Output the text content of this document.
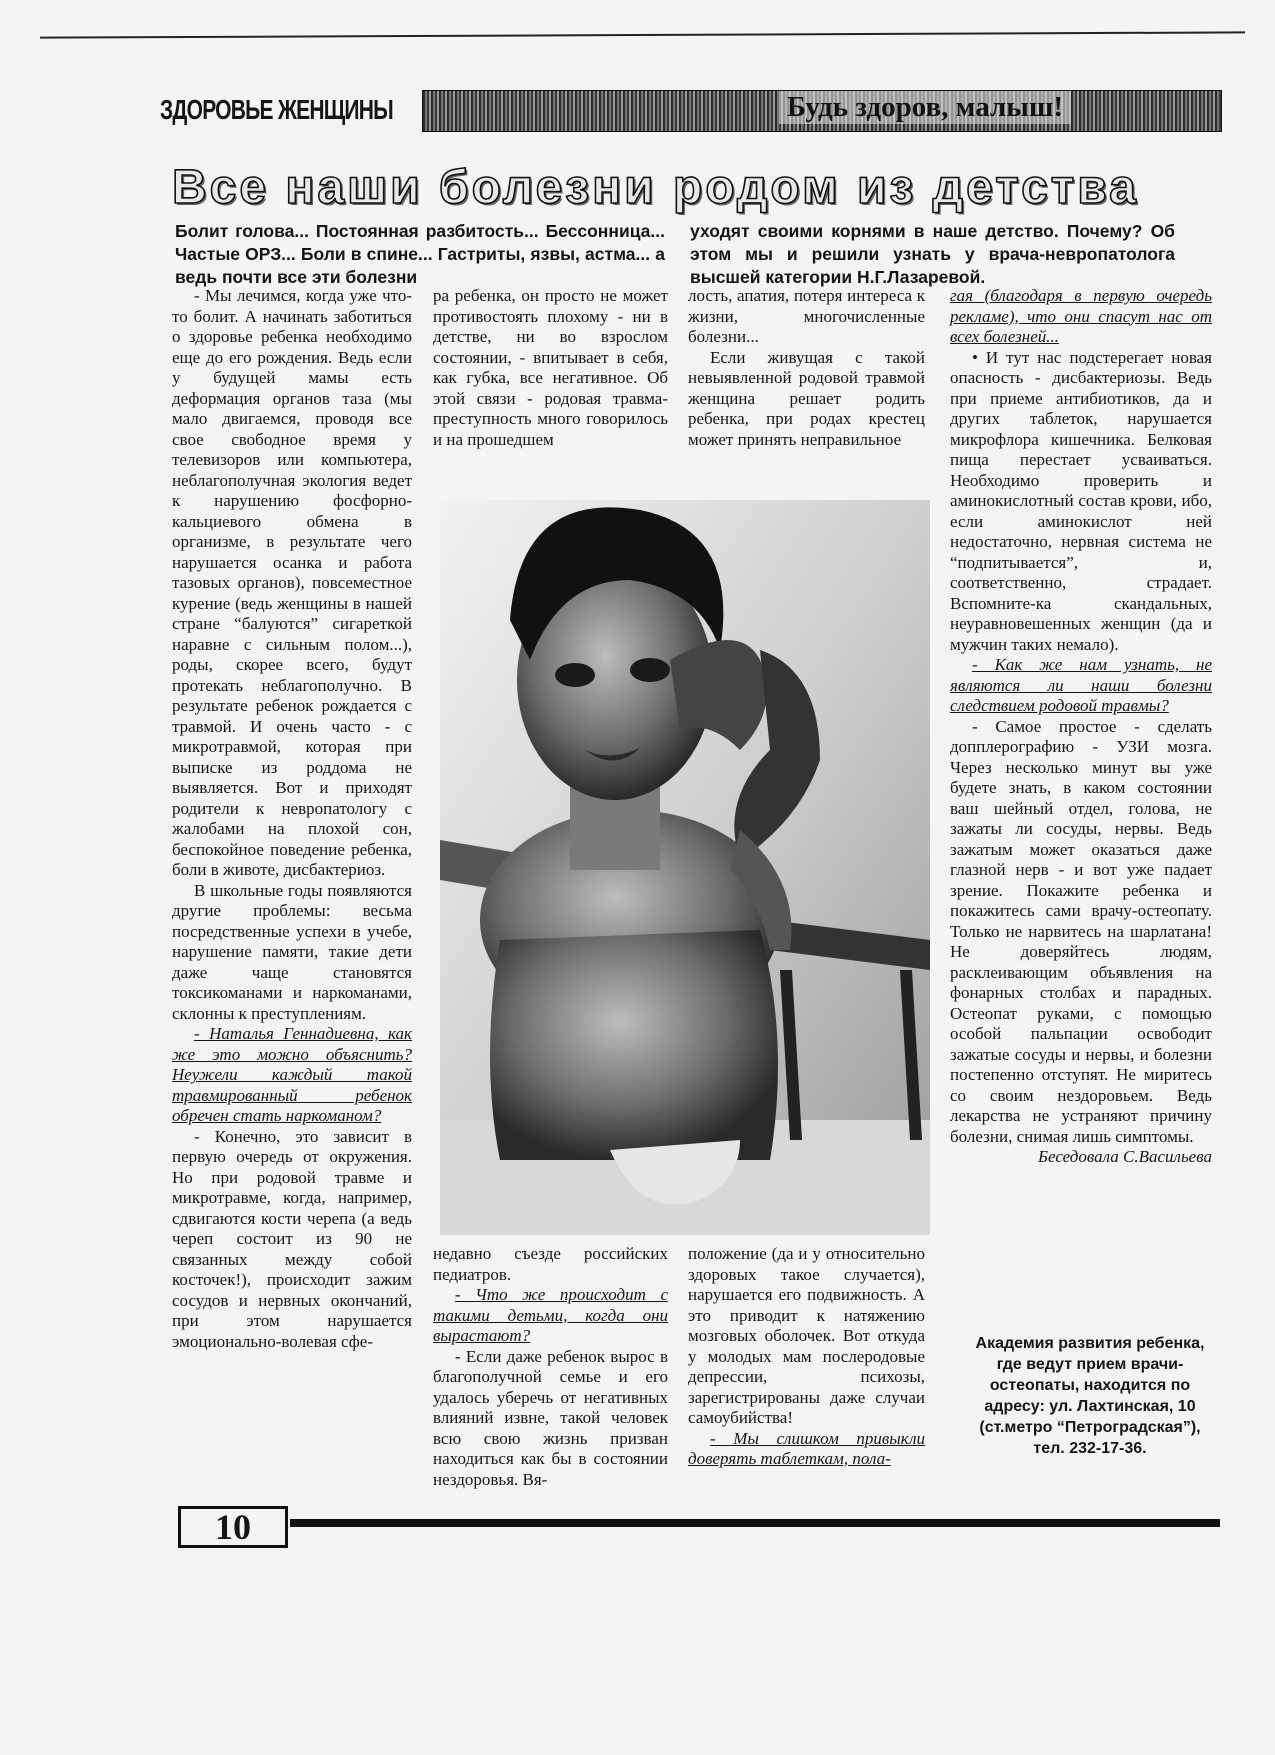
ЗДОРОВЬЕ ЖЕНЩИНЫ	Будь здоров, малыш!
Все наши болезни родом из детства
Болит голова... Постоянная разбитость... Бессонница... Частые ОРЗ... Боли в спине... Гастриты, язвы, астма... а ведь почти все эти болезни
уходят своими корнями в наше детство. Почему? Об этом мы и решили узнать у врача-невропатолога высшей категории Н.Г.Лазаревой.

- Мы лечимся, когда уже что-то болит. А начинать заботиться о здоровье ребенка необходимо еще до его рождения. Ведь если у будущей мамы есть деформация органов таза (мы мало двигаемся, проводя все свое свободное время у телевизоров или компьютера, неблагополучная экология ведет к нарушению фосфорно-кальциевого обмена в организме, в результате чего нарушается осанка и работа тазовых органов), повсеместное курение (ведь женщины в нашей стране “балуются” сигареткой наравне с сильным полом...), роды, скорее всего, будут протекать неблагополучно. В результате ребенок рождается с травмой. И очень часто - с микротравмой, которая при выписке из роддома не выявляется. Вот и приходят родители к невропатологу с жалобами на плохой сон, беспокойное поведение ребенка, боли в животе, дисбактериоз.

В школьные годы появляются другие проблемы: весьма посредственные успехи в учебе, нарушение памяти, такие дети даже чаще становятся токсикоманами и наркоманами, склонны к преступлениям.

- Наталья Геннадиевна, как же это можно объяснить? Неужели каждый такой травмированный ребенок обречен стать наркоманом?

- Конечно, это зависит в первую очередь от окружения. Но при родовой травме и микротравме, когда, например, сдвигаются кости черепа (а ведь череп состоит из 90 не связанных между собой косточек!), происходит зажим сосудов и нервных окончаний, при этом нарушается эмоционально-волевая сфе-

ра ребенка, он просто не может противостоять плохому - ни в детстве, ни во взрослом состоянии, - впитывает в себя, как губка, все негативное. Об этой связи - родовая травма-преступность много говорилось и на прошедшем

лость, апатия, потеря интереса к жизни, многочисленные болезни...

Если живущая с такой невыявленной родовой травмой женщина решает родить ребенка, при родах крестец может принять неправильное

недавно съезде российских педиатров.

- Что же происходит с такими детьми, когда они вырастают?

- Если даже ребенок вырос в благополучной семье и его удалось уберечь от негативных влияний извне, такой человек всю свою жизнь призван находиться как бы в состоянии нездоровья. Вя-

положение (да и у относительно здоровых такое случается), нарушается его подвижность. А это приводит к натяжению мозговых оболочек. Вот откуда у молодых мам послеродовые депрессии, психозы, зарегистрированы даже случаи самоубийства!

- Мы слишком привыкли доверять таблеткам, пола-

гая (благодаря в первую очередь рекламе), что они спасут нас от всех болезней...

• И тут нас подстерегает новая опасность - дисбактериозы. Ведь при приеме антибиотиков, да и других таблеток, нарушается микрофлора кишечника. Белковая пища перестает усваиваться. Необходимо проверить и аминокислотный состав крови, ибо, если аминокислот ней недостаточно, нервная система не “подпитывается”, и, соответственно, страдает. Вспомните-ка скандальных, неуравновешенных женщин (да и мужчин таких немало).

- Как же нам узнать, не являются ли наши болезни следствием родовой травмы?

- Самое простое - сделать допплерографию - УЗИ мозга. Через несколько минут вы уже будете знать, в каком состоянии ваш шейный отдел, голова, не зажаты ли сосуды, нервы. Ведь зажатым может оказаться даже глазной нерв - и вот уже падает зрение. Покажите ребенка и покажитесь сами врачу-остеопату. Только не нарвитесь на шарлатана! Не доверяйтесь людям, расклеивающим объявления на фонарных столбах и парадных. Остеопат руками, с помощью особой пальпации освободит зажатые сосуды и нервы, и болезни постепенно отступят. Не миритесь со своим нездоровьем. Ведь лекарства не устраняют причину болезни, снимая лишь симптомы.

Беседовала С.Васильева

Академия развития ребенка, где ведут прием врачи-остеопаты, находится по адресу: ул. Лахтинская, 10 (ст.метро “Петроградская”), тел. 232-17-36.
10
